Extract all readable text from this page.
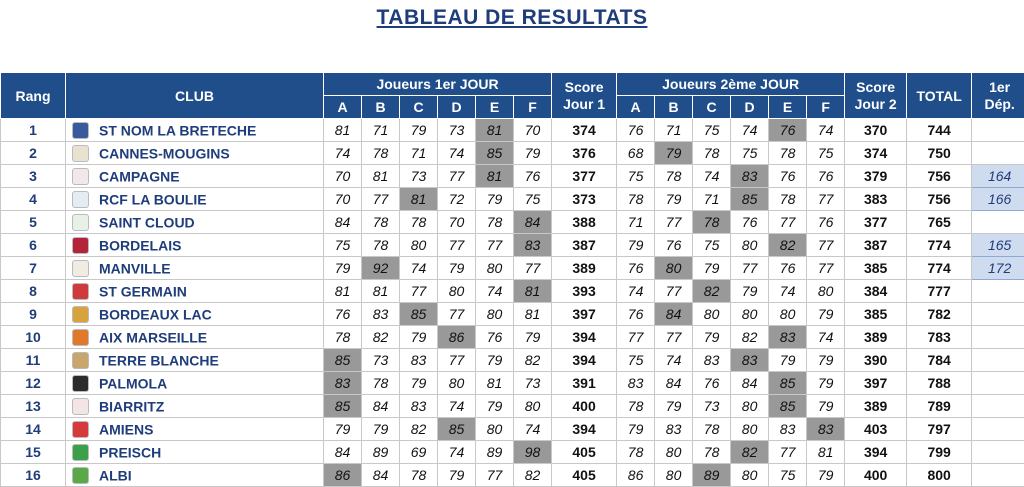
TABLEAU DE RESULTATS
Rang	CLUB	Joueurs 1er JOUR						Score Jour 1	Joueurs 2ème JOUR						Score Jour 2	TOTAL	1er Dép.
		A	B	C	D	E	F		A	B	C	D	E	F			
1	ST NOM LA BRETECHE	81	71	79	73	81	70	374	76	71	75	74	76	74	370	744	
2	CANNES-MOUGINS	74	78	71	74	85	79	376	68	79	78	75	78	75	374	750	
3	CAMPAGNE	70	81	73	77	81	76	377	75	78	74	83	76	76	379	756	164
4	RCF LA BOULIE	70	77	81	72	79	75	373	78	79	71	85	78	77	383	756	166
5	SAINT CLOUD	84	78	78	70	78	84	388	71	77	78	76	77	76	377	765	
6	BORDELAIS	75	78	80	77	77	83	387	79	76	75	80	82	77	387	774	165
7	MANVILLE	79	92	74	79	80	77	389	76	80	79	77	76	77	385	774	172
8	ST GERMAIN	81	81	77	80	74	81	393	74	77	82	79	74	80	384	777	
9	BORDEAUX LAC	76	83	85	77	80	81	397	76	84	80	80	80	79	385	782	
10	AIX MARSEILLE	78	82	79	86	76	79	394	77	77	79	82	83	74	389	783	
11	TERRE BLANCHE	85	73	83	77	79	82	394	75	74	83	83	79	79	390	784	
12	PALMOLA	83	78	79	80	81	73	391	83	84	76	84	85	79	397	788	
13	BIARRITZ	85	84	83	74	79	80	400	78	79	73	80	85	79	389	789	
14	AMIENS	79	79	82	85	80	74	394	79	83	78	80	83	83	403	797	
15	PREISCH	84	89	69	74	89	98	405	78	80	78	82	77	81	394	799	
16	ALBI	86	84	78	79	77	82	405	86	80	89	80	75	79	400	800	
